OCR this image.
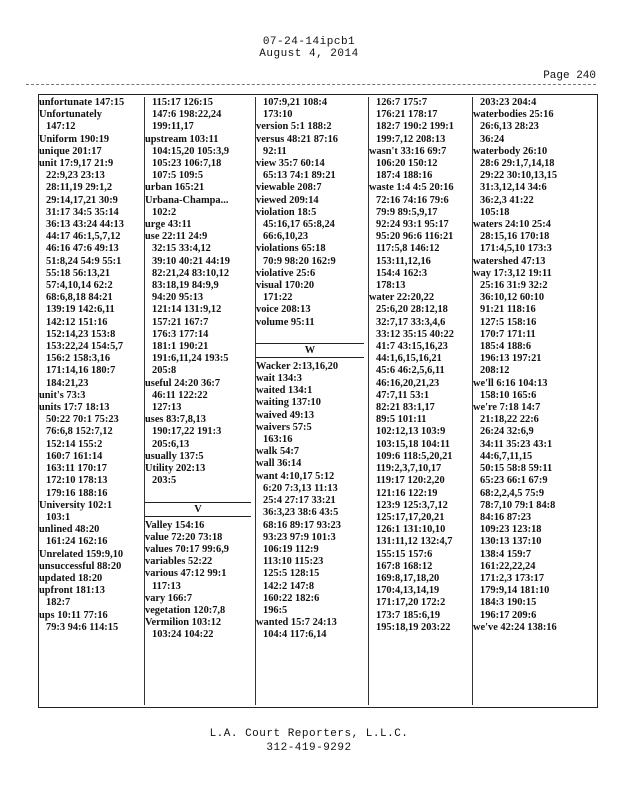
07-24-14ipcb1
August 4, 2014
Page 240
unfortunate 147:15
Unfortunately
147:12
Uniform 190:19
unique 201:17
unit 17:9,17 21:9
22:9,23 23:13
28:11,19 29:1,2
29:14,17,21 30:9
31:17 34:5 35:14
36:13 43:24 44:13
44:17 46:1,5,7,12
46:16 47:6 49:13
51:8,24 54:9 55:1
55:18 56:13,21
57:4,10,14 62:2
68:6,8,18 84:21
139:19 142:6,11
142:12 151:16
152:14,23 153:8
153:22,24 154:5,7
156:2 158:3,16
171:14,16 180:7
184:21,23
unit's 73:3
units 17:7 18:13
50:22 70:1 75:23
76:6,8 152:7,12
152:14 155:2
160:7 161:14
163:11 170:17
172:10 178:13
179:16 188:16
University 102:1
103:1
unlined 48:20
161:24 162:16
Unrelated 159:9,10
unsuccessful 88:20
updated 18:20
upfront 181:13
182:7
ups 10:11 77:16
79:3 94:6 114:15
115:17 126:15
147:6 198:22,24
199:11,17
upstream 103:11
104:15,20 105:3,9
105:23 106:7,18
107:5 109:5
urban 165:21
Urbana-Champa...
102:2
urge 43:11
use 22:11 24:9
32:15 33:4,12
39:10 40:21 44:19
82:21,24 83:10,12
83:18,19 84:9,9
94:20 95:13
121:14 131:9,12
157:21 167:7
176:3 177:14
181:1 190:21
191:6,11,24 193:5
205:8
useful 24:20 36:7
46:11 122:22
127:13
uses 83:7,8,13
190:17,22 191:3
205:6,13
usually 137:5
Utility 202:13
203:5
V
Valley 154:16
value 72:20 73:18
values 70:17 99:6,9
variables 52:22
various 47:12 99:1
117:13
vary 166:7
vegetation 120:7,8
Vermilion 103:12
103:24 104:22
107:9,21 108:4
173:10
version 5:1 188:2
versus 48:21 87:16
92:11
view 35:7 60:14
65:13 74:1 89:21
viewable 208:7
viewed 209:14
violation 18:5
45:16,17 65:8,24
66:6,10,23
violations 65:18
70:9 98:20 162:9
violative 25:6
visual 170:20
171:22
voice 208:13
volume 95:11
W
Wacker 2:13,16,20
wait 134:3
waited 134:1
waiting 137:10
waived 49:13
waivers 57:5
163:16
walk 54:7
wall 36:14
want 4:10,17 5:12
6:20 7:3,13 11:13
25:4 27:17 33:21
36:3,23 38:6 43:5
68:16 89:17 93:23
93:23 97:9 101:3
106:19 112:9
113:10 115:23
125:5 128:15
142:2 147:8
160:22 182:6
196:5
wanted 15:7 24:13
104:4 117:6,14
126:7 175:7
176:21 178:17
182:7 190:2 199:1
199:7,12 208:13
wasn't 33:16 69:7
106:20 150:12
187:4 188:16
waste 1:4 4:5 20:16
72:16 74:16 79:6
79:9 89:5,9,17
92:24 93:1 95:17
95:20 96:6 116:21
117:5,8 146:12
153:11,12,16
154:4 162:3
178:13
water 22:20,22
25:6,20 28:12,18
32:7,17 33:3,4,6
33:12 35:15 40:22
41:7 43:15,16,23
44:1,6,15,16,21
45:6 46:2,5,6,11
46:16,20,21,23
47:7,11 53:1
82:21 83:1,17
89:5 101:11
102:12,13 103:9
103:15,18 104:11
109:6 118:5,20,21
119:2,3,7,10,17
119:17 120:2,20
121:16 122:19
123:9 125:3,7,12
125:17,17,20,21
126:1 131:10,10
131:11,12 132:4,7
155:15 157:6
167:8 168:12
169:8,17,18,20
170:4,13,14,19
171:17,20 172:2
173:7 185:6,19
195:18,19 203:22
203:23 204:4
waterbodies 25:16
26:6,13 28:23
36:24
waterbody 26:10
28:6 29:1,7,14,18
29:22 30:10,13,15
31:3,12,14 34:6
36:2,3 41:22
105:18
waters 24:10 25:4
28:15,16 170:18
171:4,5,10 173:3
watershed 47:13
way 17:3,12 19:11
25:16 31:9 32:2
36:10,12 60:10
91:21 118:16
127:5 158:16
170:7 171:11
185:4 188:6
196:13 197:21
208:12
we'll 6:16 104:13
158:10 165:6
we're 7:18 14:7
21:18,22 22:6
26:24 32:6,9
34:11 35:23 43:1
44:6,7,11,15
50:15 58:8 59:11
65:23 66:1 67:9
68:2,2,4,5 75:9
78:7,10 79:1 84:8
84:16 87:23
109:23 123:18
130:13 137:10
138:4 159:7
161:22,22,24
171:2,3 173:17
179:9,14 181:10
184:3 190:15
196:17 209:6
we've 42:24 138:16
L.A. Court Reporters, L.L.C.
312-419-9292
